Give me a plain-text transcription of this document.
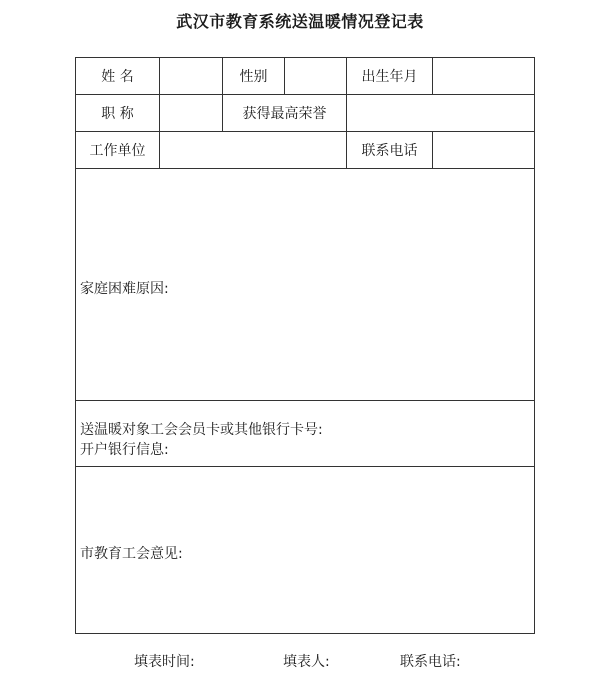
武汉市教育系统送温暖情况登记表
姓 名		性别		出生年月	

职 称		获得最高荣誉			

工作单位				联系电话	

家庭困难原因:					

送温暖对象工会会员卡或其他银行卡号:
开户银行信息:					

市教育工会意见:					
填表时间:	填表人:	联系电话:
